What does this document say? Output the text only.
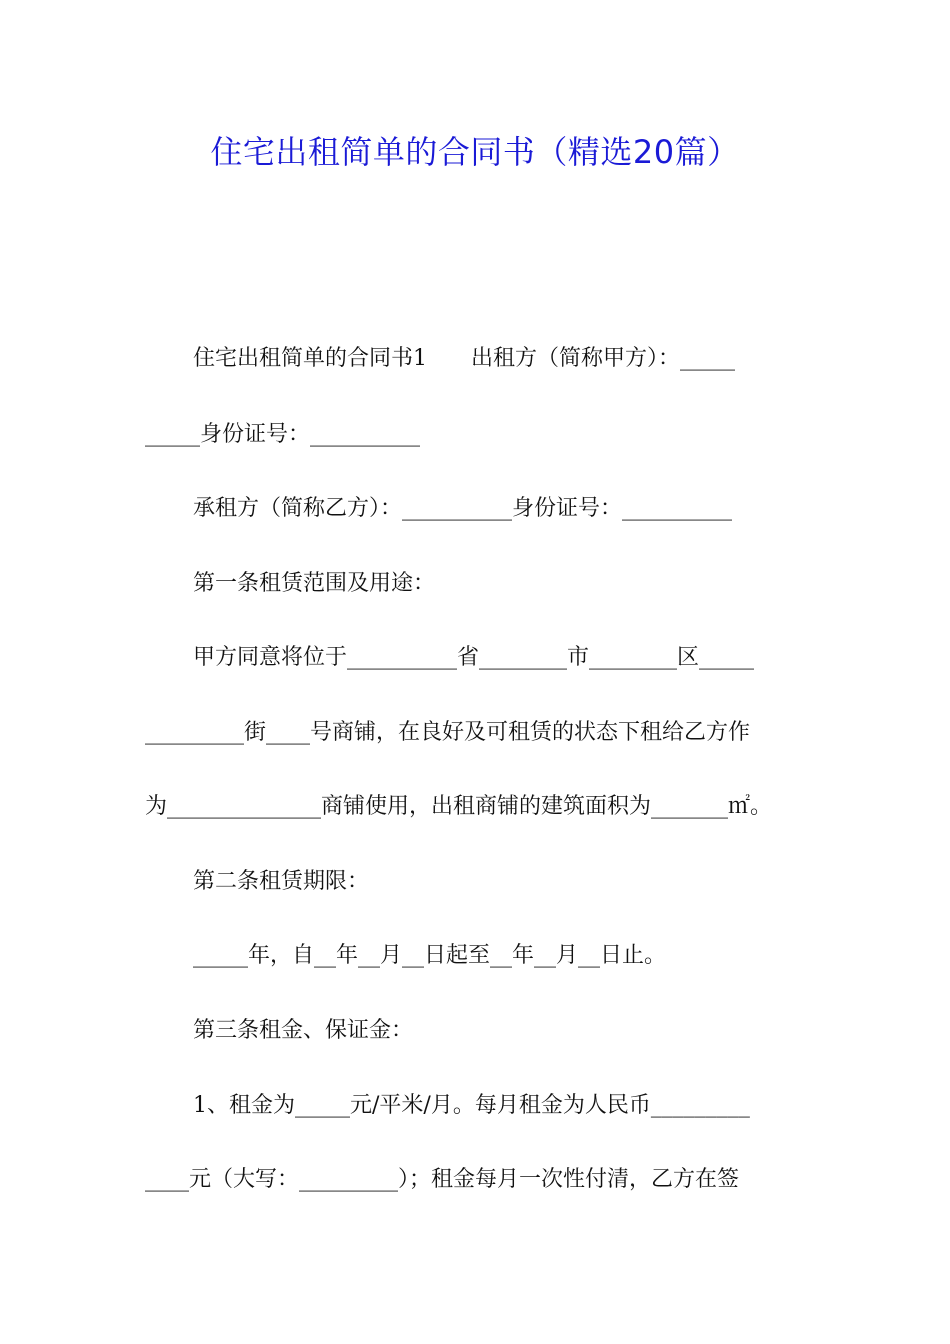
住宅出租简单的合同书（精选20篇）
住宅出租简单的合同书1　　出租方（简称甲方）：_____
_____身份证号：__________
承租方（简称乙方）：__________身份证号：__________
第一条租赁范围及用途：
甲方同意将位于__________省________市________区_____
_________街____号商铺，在良好及可租赁的状态下租给乙方作
为______________商铺使用，出租商铺的建筑面积为_______㎡。
第二条租赁期限：
_____年，自__年__月__日起至__年__月__日止。
第三条租金、保证金：
1、租金为_____元/平米/月。每月租金为人民币_________
____元（大写：_________）；租金每月一次性付清，乙方在签
